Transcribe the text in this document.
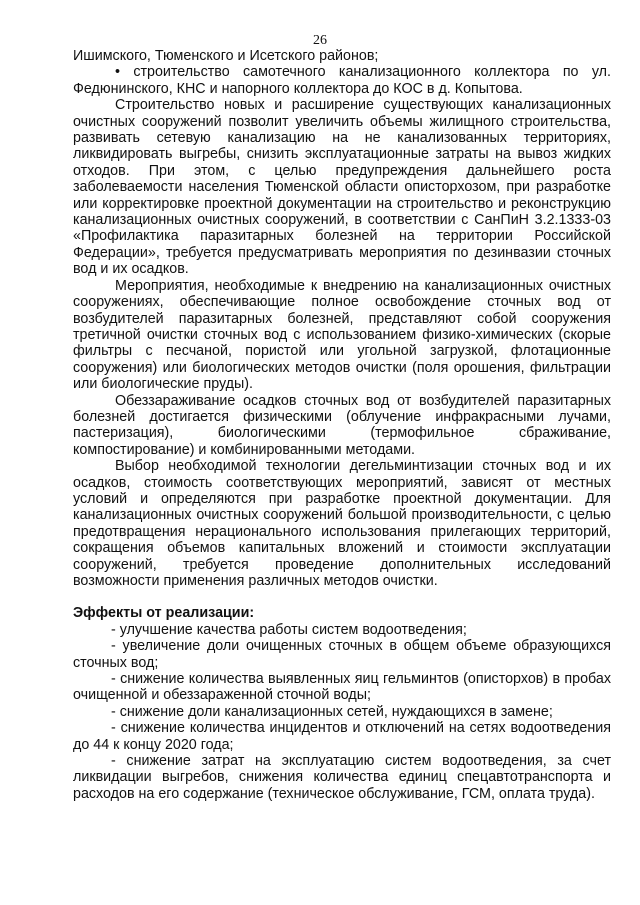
26

Ишимского, Тюменского и Исетского районов;

• строительство самотечного канализационного коллектора по ул. Федюнинского, КНС и напорного коллектора до КОС в д. Копытова.

Строительство новых и расширение существующих канализационных очистных сооружений позволит увеличить объемы жилищного строительства, развивать сетевую канализацию на не канализованных территориях, ликвидировать выгребы, снизить эксплуатационные затраты на вывоз жидких отходов. При этом, с целью предупреждения дальнейшего роста заболеваемости населения Тюменской области описторхозом, при разработке или корректировке проектной документации на строительство и реконструкцию канализационных очистных сооружений, в соответствии с СанПиН 3.2.1333-03 «Профилактика паразитарных болезней на территории Российской Федерации», требуется предусматривать мероприятия по дезинвазии сточных вод и их осадков.

Мероприятия, необходимые к внедрению на канализационных очистных сооружениях, обеспечивающие полное освобождение сточных вод от возбудителей паразитарных болезней, представляют собой сооружения третичной очистки сточных вод с использованием физико-химических (скорые фильтры с песчаной, пористой или угольной загрузкой, флотационные сооружения) или биологических методов очистки (поля орошения, фильтрации или биологические пруды).

Обеззараживание осадков сточных вод от возбудителей паразитарных болезней достигается физическими (облучение инфракрасными лучами, пастеризация), биологическими (термофильное сбраживание, компостирование) и комбинированными методами.

Выбор необходимой технологии дегельминтизации сточных вод и их осадков, стоимость соответствующих мероприятий, зависят от местных условий и определяются при разработке проектной документации. Для канализационных очистных сооружений большой производительности, с целью предотвращения нерационального использования прилегающих территорий, сокращения объемов капитальных вложений и стоимости эксплуатации сооружений, требуется проведение дополнительных исследований возможности применения различных методов очистки.

Эффекты от реализации:

- улучшение качества работы систем водоотведения;

- увеличение доли очищенных сточных в общем объеме образующихся сточных вод;

- снижение количества выявленных яиц гельминтов (описторхов) в пробах очищенной и обеззараженной сточной воды;

- снижение доли канализационных сетей, нуждающихся в замене;

- снижение количества инцидентов и отключений на сетях водоотведения до 44 к концу 2020 года;

- снижение затрат на эксплуатацию систем водоотведения, за счет ликвидации выгребов, снижения количества единиц спецавтотранспорта и расходов на его содержание (техническое обслуживание, ГСМ, оплата труда).
